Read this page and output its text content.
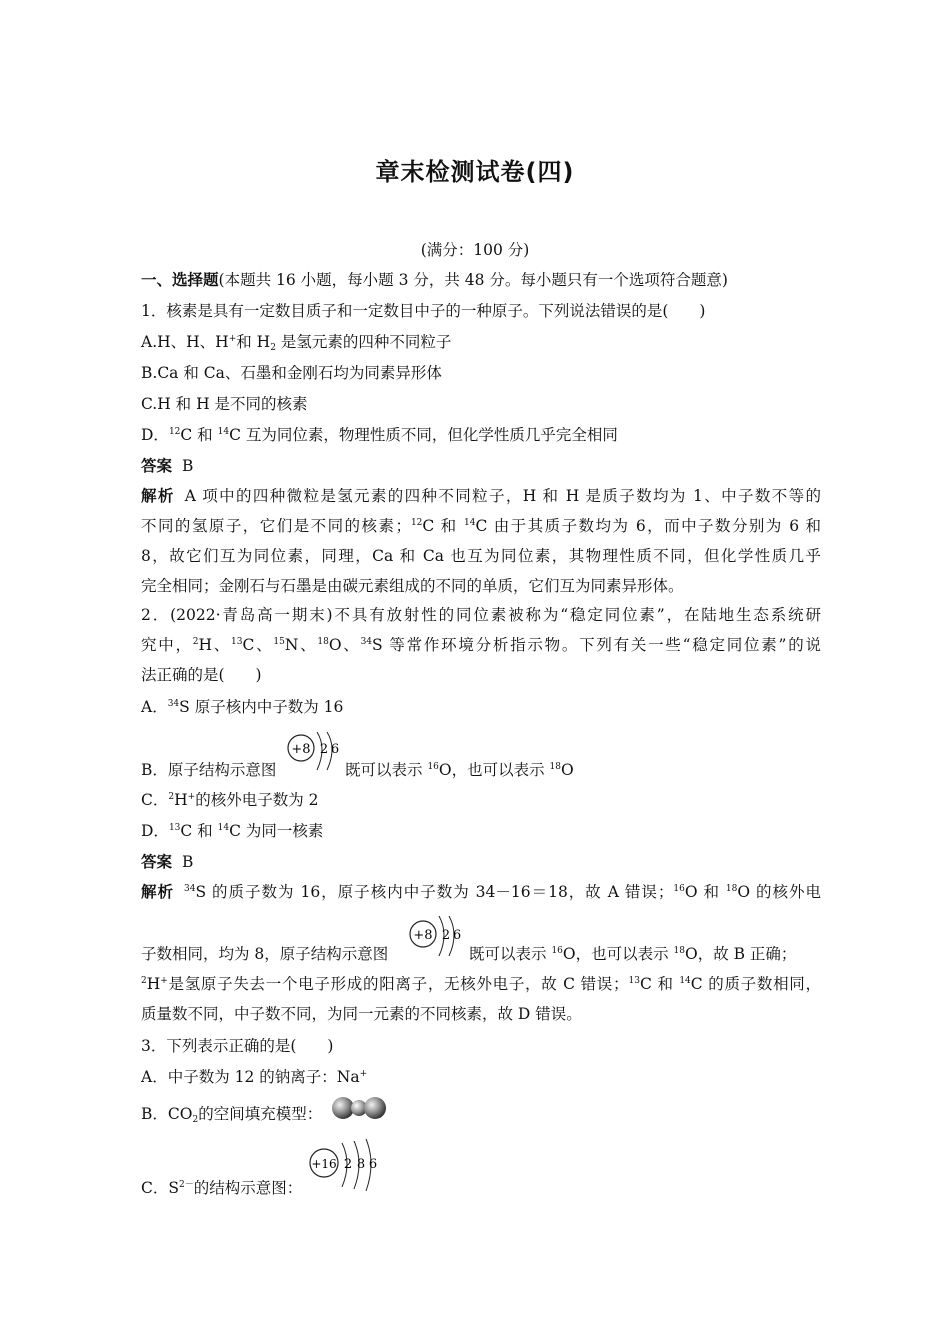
章末检测试卷(四)
(满分：100 分)
一、选择题(本题共 16 小题，每小题 3 分，共 48 分。每小题只有一个选项符合题意)
1．核素是具有一定数目质子和一定数目中子的一种原子。下列说法错误的是(　　)
A.H、H、H+和 $H_2$ 是氢元素的四种不同粒子
B.Ca 和 Ca、石墨和金刚石均为同素异形体
C.H 和 H 是不同的核素
D．$^{12}$C 和 $^{14}$C 互为同位素，物理性质不同，但化学性质几乎完全相同
答案 B
解析 A 项中的四种微粒是氢元素的四种不同粒子，H 和 H 是质子数均为 1、中子数不等的
不同的氢原子，它们是不同的核素；$^{12}$C 和 $^{14}$C 由于其质子数均为 6，而中子数分别为 6 和
8，故它们互为同位素，同理，Ca 和 Ca 也互为同位素，其物理性质不同，但化学性质几乎
完全相同；金刚石与石墨是由碳元素组成的不同的单质，它们互为同素异形体。
2．(2022·青岛高一期末)不具有放射性的同位素被称为“稳定同位素”，在陆地生态系统研
究中，$^2$H、$^{13}$C、$^{15}$N、$^{18}$O、$^{34}$S 等常作环境分析指示物。下列有关一些“稳定同位素”的说
法正确的是(　　)
A．$^{34}$S 原子核内中子数为 16
B．原子结构示意图
+8 2 6
既可以表示 $^{16}$O，也可以表示 $^{18}$O
C．$^2$H+的核外电子数为 2
D．$^{13}$C 和 $^{14}$C 为同一核素
答案 B
解析 $^{34}$S 的质子数为 16，原子核内中子数为 34－16＝18，故 A 错误；$^{16}$O 和 $^{18}$O 的核外电
子数相同，均为 8，原子结构示意图
+8 2 6
既可以表示 $^{16}$O，也可以表示 $^{18}$O，故 B 正确；
$^2$H+是氢原子失去一个电子形成的阳离子，无核外电子，故 C 错误；$^{13}$C 和 $^{14}$C 的质子数相同，
质量数不同，中子数不同，为同一元素的不同核素，故 D 错误。
3．下列表示正确的是(　　)
A．中子数为 12 的钠离子：Na+
B．$CO_2$的空间填充模型：
C．$S^{2-}$的结构示意图：
+16 2 8 6
